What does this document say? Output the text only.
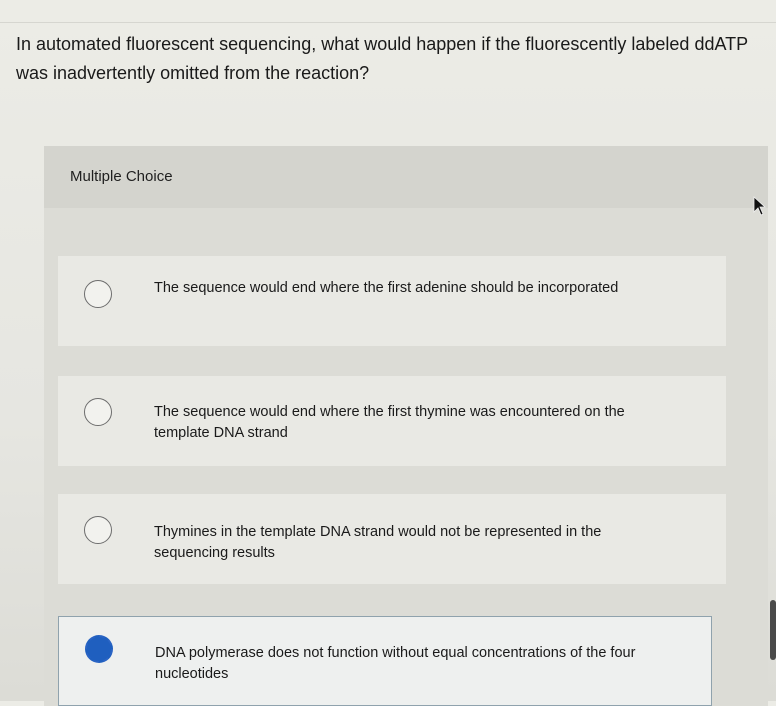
In automated fluorescent sequencing, what would happen if the fluorescently labeled ddATP was inadvertently omitted from the reaction?
Multiple Choice
The sequence would end where the first adenine should be incorporated
The sequence would end where the first thymine was encountered on the template DNA strand
Thymines in the template DNA strand would not be represented in the sequencing results
DNA polymerase does not function without equal concentrations of the four nucleotides
